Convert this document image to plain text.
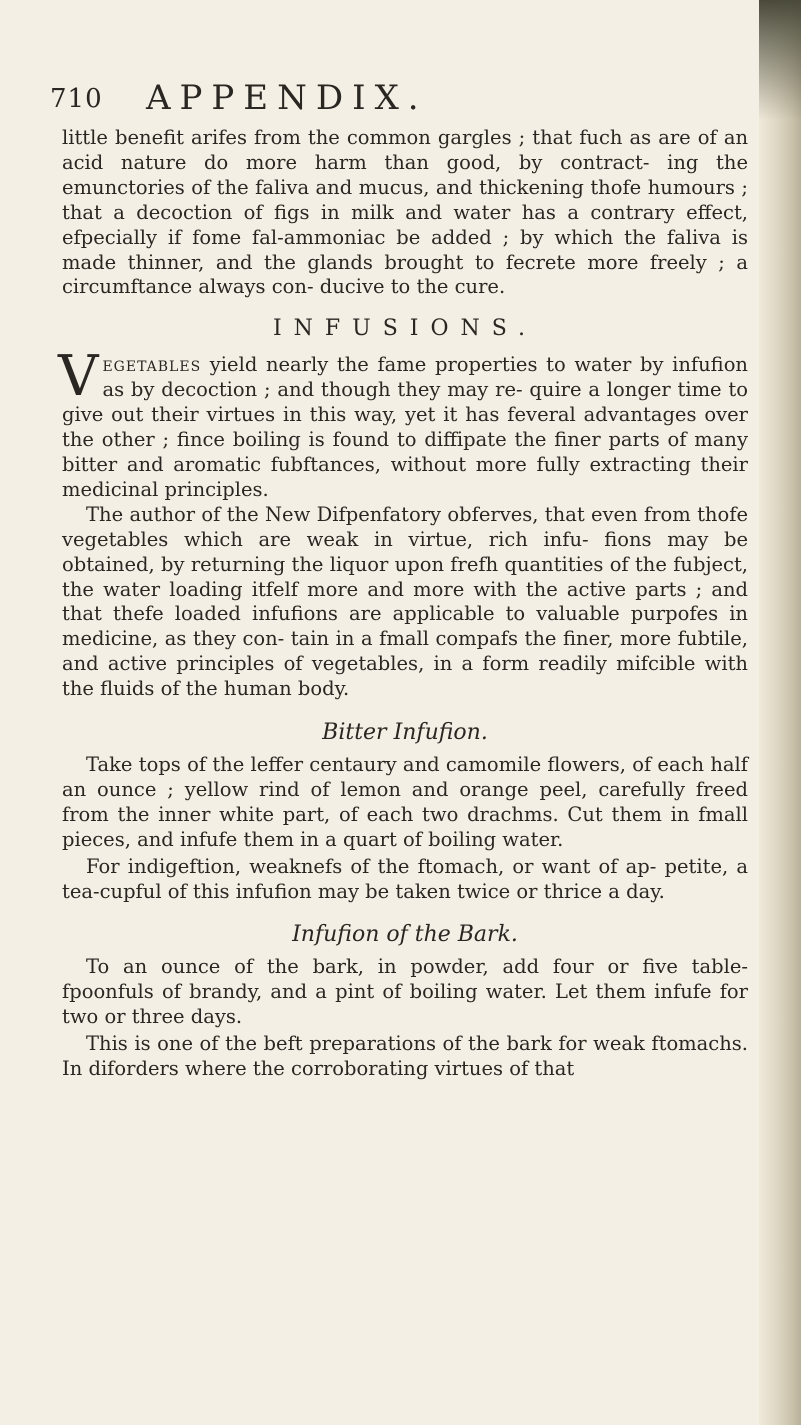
710 APPENDIX.

little benefit arifes from the common gargles ; that fuch as are of an acid nature do more harm than good, by contract- ing the emunctories of the faliva and mucus, and thickening thofe humours ; that a decoction of figs in milk and water has a contrary effect, efpecially if fome fal-ammoniac be added ; by which the faliva is made thinner, and the glands brought to fecrete more freely ; a circumftance always con- ducive to the cure.

INFUSIONS.

Vegetables yield nearly the fame properties to water by infufion as by decoction ; and though they may re- quire a longer time to give out their virtues in this way, yet it has feveral advantages over the other ; fince boiling is found to diffipate the finer parts of many bitter and aromatic fubftances, without more fully extracting their medicinal principles.

The author of the New Difpenfatory obferves, that even from thofe vegetables which are weak in virtue, rich infu- fions may be obtained, by returning the liquor upon frefh quantities of the fubject, the water loading itfelf more and more with the active parts ; and that thefe loaded infufions are applicable to valuable purpofes in medicine, as they con- tain in a fmall compafs the finer, more fubtile, and active principles of vegetables, in a form readily mifcible with the fluids of the human body.

Bitter Infufion.

Take tops of the leffer centaury and camomile flowers, of each half an ounce ; yellow rind of lemon and orange peel, carefully freed from the inner white part, of each two drachms. Cut them in fmall pieces, and infufe them in a quart of boiling water.

For indigeftion, weaknefs of the ftomach, or want of ap- petite, a tea-cupful of this infufion may be taken twice or thrice a day.

Infufion of the Bark.

To an ounce of the bark, in powder, add four or five table-fpoonfuls of brandy, and a pint of boiling water. Let them infufe for two or three days.

This is one of the beft preparations of the bark for weak ftomachs. In diforders where the corroborating virtues of that
